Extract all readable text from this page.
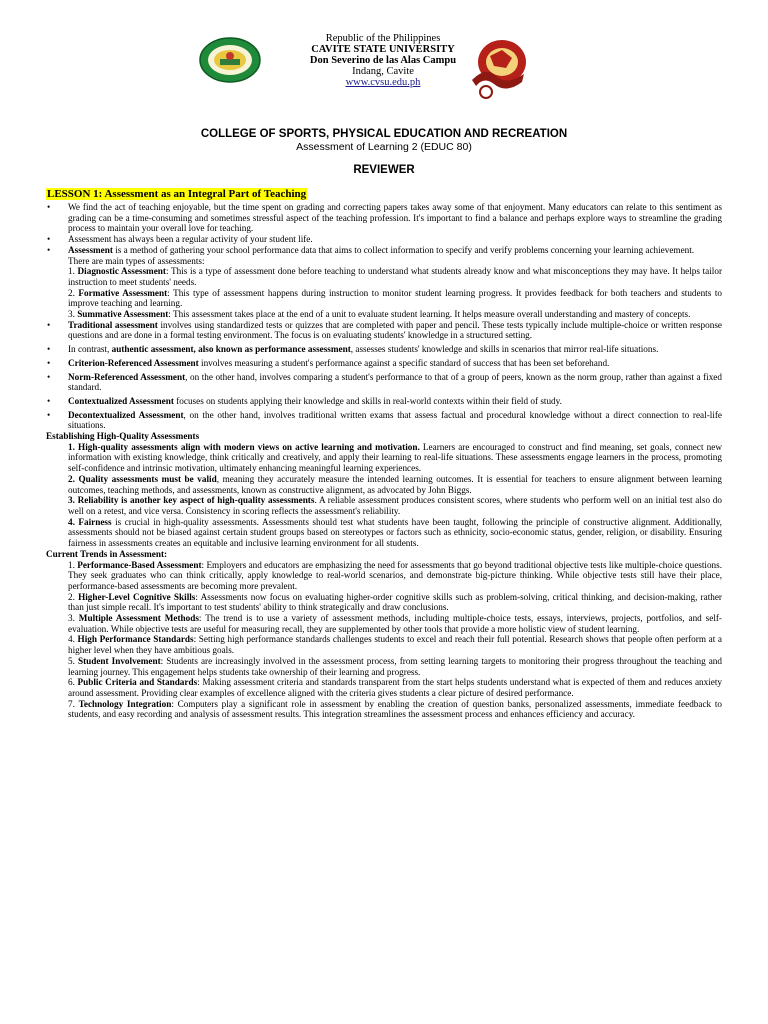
Republic of the Philippines
CAVITE STATE UNIVERSITY
Don Severino de las Alas Campu
Indang, Cavite
www.cvsu.edu.ph
COLLEGE OF SPORTS, PHYSICAL EDUCATION AND RECREATION
Assessment of Learning 2 (EDUC 80)
REVIEWER
LESSON 1: Assessment as an Integral Part of Teaching
• We find the act of teaching enjoyable, but the time spent on grading and correcting papers takes away some of that enjoyment. Many educators can relate to this sentiment as grading can be a time-consuming and sometimes stressful aspect of the teaching profession. It's important to find a balance and perhaps explore ways to streamline the grading process to maintain your overall love for teaching.
• Assessment has always been a regular activity of your student life.
• Assessment is a method of gathering your school performance data that aims to collect information to specify and verify problems concerning your learning achievement.

There are main types of assessments:

1. Diagnostic Assessment: This is a type of assessment done before teaching to understand what students already know and what misconceptions they may have. It helps tailor instruction to meet students' needs.

2. Formative Assessment: This type of assessment happens during instruction to monitor student learning progress. It provides feedback for both teachers and students to improve teaching and learning.

3. Summative Assessment: This assessment takes place at the end of a unit to evaluate student learning. It helps measure overall understanding and mastery of concepts.

• Traditional assessment involves using standardized tests or quizzes that are completed with paper and pencil. These tests typically include multiple-choice or written response questions and are done in a formal testing environment. The focus is on evaluating students' knowledge in a structured setting.
• In contrast, authentic assessment, also known as performance assessment, assesses students' knowledge and skills in scenarios that mirror real-life situations.
• Criterion-Referenced Assessment involves measuring a student's performance against a specific standard of success that has been set beforehand.
• Norm-Referenced Assessment, on the other hand, involves comparing a student's performance to that of a group of peers, known as the norm group, rather than against a fixed standard.
• Contextualized Assessment focuses on students applying their knowledge and skills in real-world contexts within their field of study.
• Decontextualized Assessment, on the other hand, involves traditional written exams that assess factual and procedural knowledge without a direct connection to real-life situations.

Establishing High-Quality Assessments

1. High-quality assessments align with modern views on active learning and motivation. Learners are encouraged to construct and find meaning, set goals, connect new information with existing knowledge, think critically and creatively, and apply their learning to real-life situations. These assessments engage learners in the process, promoting self-confidence and intrinsic motivation, ultimately enhancing meaningful learning experiences.

2. Quality assessments must be valid, meaning they accurately measure the intended learning outcomes. It is essential for teachers to ensure alignment between learning outcomes, teaching methods, and assessments, known as constructive alignment, as advocated by John Biggs.

3. Reliability is another key aspect of high-quality assessments. A reliable assessment produces consistent scores, where students who perform well on an initial test also do well on a retest, and vice versa. Consistency in scoring reflects the assessment's reliability.

4. Fairness is crucial in high-quality assessments. Assessments should test what students have been taught, following the principle of constructive alignment. Additionally, assessments should not be biased against certain student groups based on stereotypes or factors such as ethnicity, socio-economic status, gender, religion, or disability. Ensuring fairness in assessments creates an equitable and inclusive learning environment for all students.

Current Trends in Assessment:

1. Performance-Based Assessment: Employers and educators are emphasizing the need for assessments that go beyond traditional objective tests like multiple-choice questions. They seek graduates who can think critically, apply knowledge to real-world scenarios, and demonstrate big-picture thinking. While objective tests still have their place, performance-based assessments are becoming more prevalent.

2. Higher-Level Cognitive Skills: Assessments now focus on evaluating higher-order cognitive skills such as problem-solving, critical thinking, and decision-making, rather than just simple recall. It's important to test students' ability to think strategically and draw conclusions.

3. Multiple Assessment Methods: The trend is to use a variety of assessment methods, including multiple-choice tests, essays, interviews, projects, portfolios, and self-evaluation. While objective tests are useful for measuring recall, they are supplemented by other tools that provide a more holistic view of student learning.

4. High Performance Standards: Setting high performance standards challenges students to excel and reach their full potential. Research shows that people often perform at a higher level when they have ambitious goals.

5. Student Involvement: Students are increasingly involved in the assessment process, from setting learning targets to monitoring their progress throughout the teaching and learning journey. This engagement helps students take ownership of their learning and progress.

6. Public Criteria and Standards: Making assessment criteria and standards transparent from the start helps students understand what is expected of them and reduces anxiety around assessment. Providing clear examples of excellence aligned with the criteria gives students a clear picture of desired performance.

7. Technology Integration: Computers play a significant role in assessment by enabling the creation of question banks, personalized assessments, immediate feedback to students, and easy recording and analysis of assessment results. This integration streamlines the assessment process and enhances efficiency and accuracy.
